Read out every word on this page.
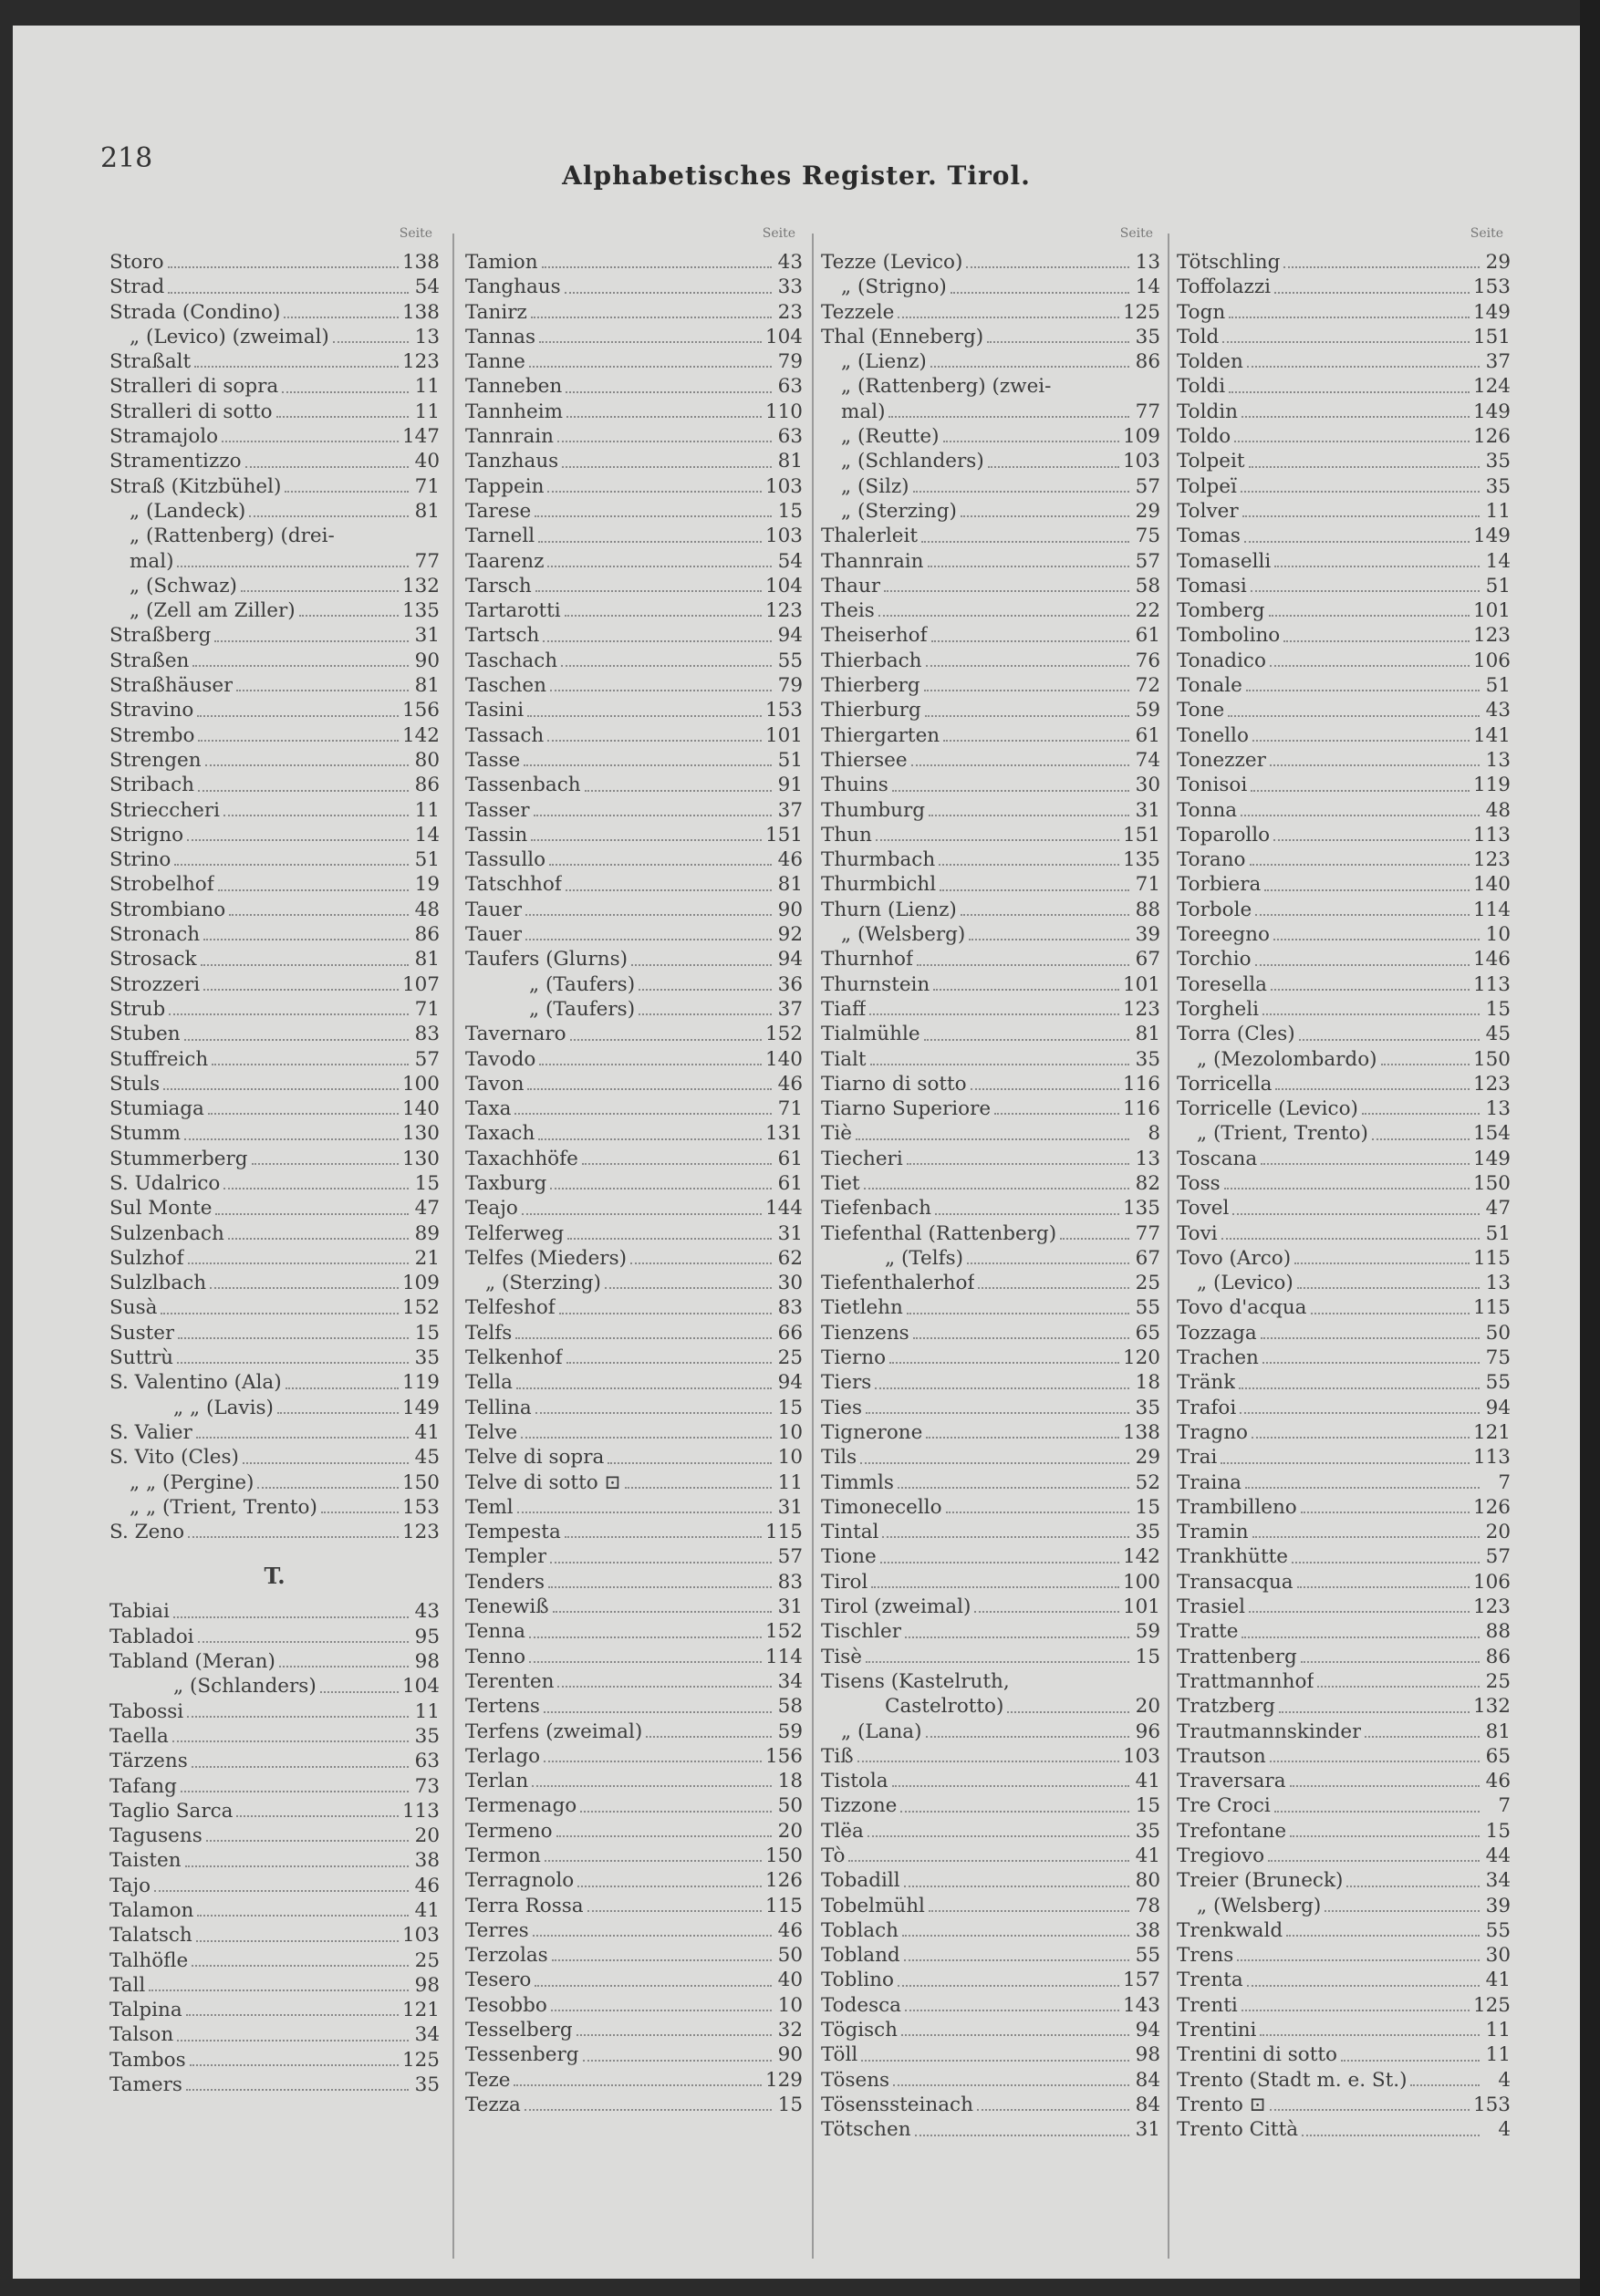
218
Alphabetisches Register. Tirol.
Seite
Storo	138
Strad	54
Strada (Condino)	138
„ (Levico) (zweimal)	13
Straßalt	123
Stralleri di sopra	11
Stralleri di sotto	11
Stramajolo	147
Stramentizzo	40
Straß (Kitzbühel)	71
„ (Landeck)	81
„ (Rattenberg) (drei-
mal)	77
„ (Schwaz)	132
„ (Zell am Ziller)	135
Straßberg	31
Straßen	90
Straßhäuser	81
Stravino	156
Strembo	142
Strengen	80
Stribach	86
Strieccheri	11
Strigno	14
Strino	51
Strobelhof	19
Strombiano	48
Stronach	86
Strosack	81
Strozzeri	107
Strub	71
Stuben	83
Stuffreich	57
Stuls	100
Stumiaga	140
Stumm	130
Stummerberg	130
S. Udalrico	15
Sul Monte	47
Sulzenbach	89
Sulzhof	21
Sulzlbach	109
Susà	152
Suster	15
Suttrù	35
S. Valentino (Ala)	119
„ „ (Lavis)	149
S. Valier	41
S. Vito (Cles)	45
„ „ (Pergine)	150
„ „ (Trient, Trento)	153
S. Zeno	123
T.
Tabiai	43
Tabladoi	95
Tabland (Meran)	98
„ (Schlanders)	104
Tabossi	11
Taella	35
Tärzens	63
Tafang	73
Taglio Sarca	113
Tagusens	20
Taisten	38
Tajo	46
Talamon	41
Talatsch	103
Talhöfle	25
Tall	98
Talpina	121
Talson	34
Tambos	125
Tamers	35
Seite
Tamion	43
Tanghaus	33
Tanirz	23
Tannas	104
Tanne	79
Tanneben	63
Tannheim	110
Tannrain	63
Tanzhaus	81
Tappein	103
Tarese	15
Tarnell	103
Taarenz	54
Tarsch	104
Tartarotti	123
Tartsch	94
Taschach	55
Taschen	79
Tasini	153
Tassach	101
Tasse	51
Tassenbach	91
Tasser	37
Tassin	151
Tassullo	46
Tatschhof	81
Tauer	90
Tauer	92
Taufers (Glurns)	94
„ (Taufers)	36
„ (Taufers)	37
Tavernaro	152
Tavodo	140
Tavon	46
Taxa	71
Taxach	131
Taxachhöfe	61
Taxburg	61
Teajo	144
Telferweg	31
Telfes (Mieders)	62
„ (Sterzing)	30
Telfeshof	83
Telfs	66
Telkenhof	25
Tella	94
Tellina	15
Telve	10
Telve di sopra	10
Telve di sotto ⊡	11
Teml	31
Tempesta	115
Templer	57
Tenders	83
Tenewiß	31
Tenna	152
Tenno	114
Terenten	34
Tertens	58
Terfens (zweimal)	59
Terlago	156
Terlan	18
Termenago	50
Termeno	20
Termon	150
Terragnolo	126
Terra Rossa	115
Terres	46
Terzolas	50
Tesero	40
Tesobbo	10
Tesselberg	32
Tessenberg	90
Teze	129
Tezza	15
Seite
Tezze (Levico)	13
„ (Strigno)	14
Tezzele	125
Thal (Enneberg)	35
„ (Lienz)	86
„ (Rattenberg) (zwei-
mal)	77
„ (Reutte)	109
„ (Schlanders)	103
„ (Silz)	57
„ (Sterzing)	29
Thalerleit	75
Thannrain	57
Thaur	58
Theis	22
Theiserhof	61
Thierbach	76
Thierberg	72
Thierburg	59
Thiergarten	61
Thiersee	74
Thuins	30
Thumburg	31
Thun	151
Thurmbach	135
Thurmbichl	71
Thurn (Lienz)	88
„ (Welsberg)	39
Thurnhof	67
Thurnstein	101
Tiaff	123
Tialmühle	81
Tialt	35
Tiarno di sotto	116
Tiarno Superiore	116
Tiè	8
Tiecheri	13
Tiet	82
Tiefenbach	135
Tiefenthal (Rattenberg)	77
„ (Telfs)	67
Tiefenthalerhof	25
Tietlehn	55
Tienzens	65
Tierno	120
Tiers	18
Ties	35
Tignerone	138
Tils	29
Timmls	52
Timonecello	15
Tintal	35
Tione	142
Tirol	100
Tirol (zweimal)	101
Tischler	59
Tisè	15
Tisens (Kastelruth,
Castelrotto)	20
„ (Lana)	96
Tiß	103
Tistola	41
Tizzone	15
Tlëa	35
Tò	41
Tobadill	80
Tobelmühl	78
Toblach	38
Tobland	55
Toblino	157
Todesca	143
Tögisch	94
Töll	98
Tösens	84
Tösenssteinach	84
Tötschen	31
Seite
Tötschling	29
Toffolazzi	153
Togn	149
Told	151
Tolden	37
Toldi	124
Toldin	149
Toldo	126
Tolpeit	35
Tolpeï	35
Tolver	11
Tomas	149
Tomaselli	14
Tomasi	51
Tomberg	101
Tombolino	123
Tonadico	106
Tonale	51
Tone	43
Tonello	141
Tonezzer	13
Tonisoi	119
Tonna	48
Toparollo	113
Torano	123
Torbiera	140
Torbole	114
Toreegno	10
Torchio	146
Toresella	113
Torgheli	15
Torra (Cles)	45
„ (Mezolombardo)	150
Torricella	123
Torricelle (Levico)	13
„ (Trient, Trento)	154
Toscana	149
Toss	150
Tovel	47
Tovi	51
Tovo (Arco)	115
„ (Levico)	13
Tovo d'acqua	115
Tozzaga	50
Trachen	75
Tränk	55
Trafoi	94
Tragno	121
Trai	113
Traina	7
Trambilleno	126
Tramin	20
Trankhütte	57
Transacqua	106
Trasiel	123
Tratte	88
Trattenberg	86
Trattmannhof	25
Tratzberg	132
Trautmannskinder	81
Trautson	65
Traversara	46
Tre Croci	7
Trefontane	15
Tregiovo	44
Treier (Bruneck)	34
„ (Welsberg)	39
Trenkwald	55
Trens	30
Trenta	41
Trenti	125
Trentini	11
Trentini di sotto	11
Trento (Stadt m. e. St.)	4
Trento ⊡	153
Trento Città	4
